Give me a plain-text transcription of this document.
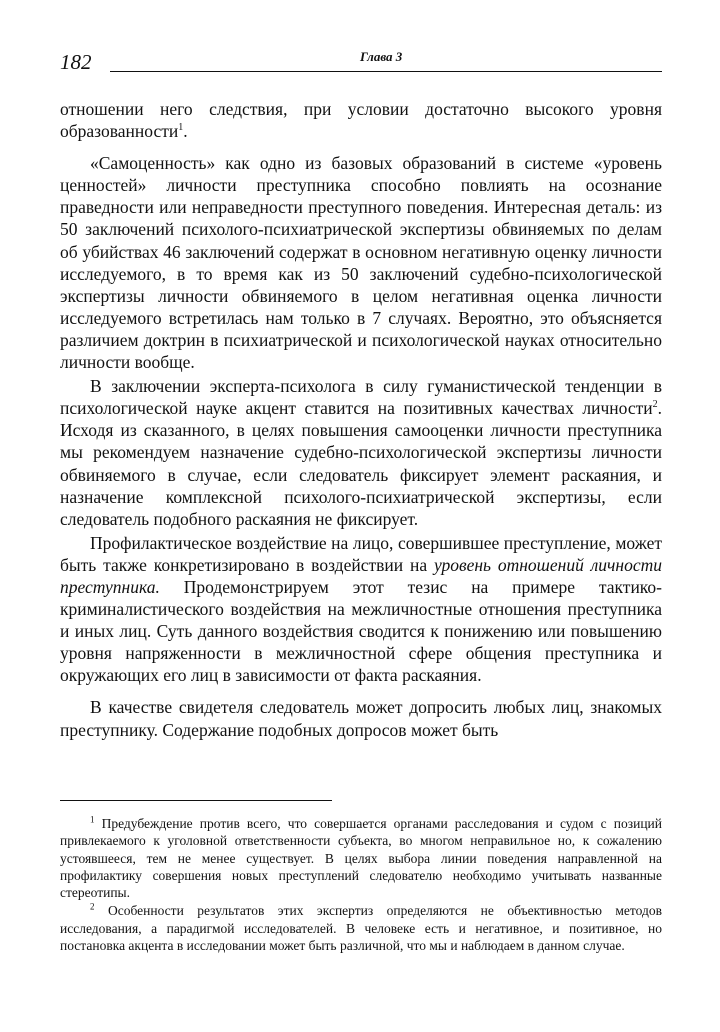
182	Глава 3

отношении него следствия, при условии достаточно высокого уровня образованности$^1$.

«Самоценность» как одно из базовых образований в системе «уровень ценностей» личности преступника способно повлиять на осознание праведности или неправедности преступного поведения. Интересная деталь: из 50 заключений психолого-психиатрической экспертизы обвиняемых по делам об убийствах 46 заключений содержат в основном негативную оценку личности исследуемого, в то время как из 50 заключений судебно-психологической экспертизы личности обвиняемого в целом негативная оценка личности исследуемого встретилась нам только в 7 случаях. Вероятно, это объясняется различием доктрин в психиатрической и психологической науках относительно личности вообще.

В заключении эксперта-психолога в силу гуманистической тенденции в психологической науке акцент ставится на позитивных качествах личности$^2$. Исходя из сказанного, в целях повышения самооценки личности преступника мы рекомендуем назначение судебно-психологической экспертизы личности обвиняемого в случае, если следователь фиксирует элемент раскаяния, и назначение комплексной психолого-психиатрической экспертизы, если следователь подобного раскаяния не фиксирует.

Профилактическое воздействие на лицо, совершившее преступление, может быть также конкретизировано в воздействии на уровень отношений личности преступника. Продемонстрируем этот тезис на примере тактико-криминалистического воздействия на межличностные отношения преступника и иных лиц. Суть данного воздействия сводится к понижению или повышению уровня напряженности в межличностной сфере общения преступника и окружающих его лиц в зависимости от факта раскаяния.

В качестве свидетеля следователь может допросить любых лиц, знакомых преступнику. Содержание подобных допросов может быть

$^1$ Предубеждение против всего, что совершается органами расследования и судом с позиций привлекаемого к уголовной ответственности субъекта, во многом неправильное но, к сожалению устоявшееся, тем не менее существует. В целях выбора линии поведения направленной на профилактику совершения новых преступлений следователю необходимо учитывать названные стереотипы.

$^2$ Особенности результатов этих экспертиз определяются не объективностью методов исследования, а парадигмой исследователей. В человеке есть и негативное, и позитивное, но постановка акцента в исследовании может быть различной, что мы и наблюдаем в данном случае.
